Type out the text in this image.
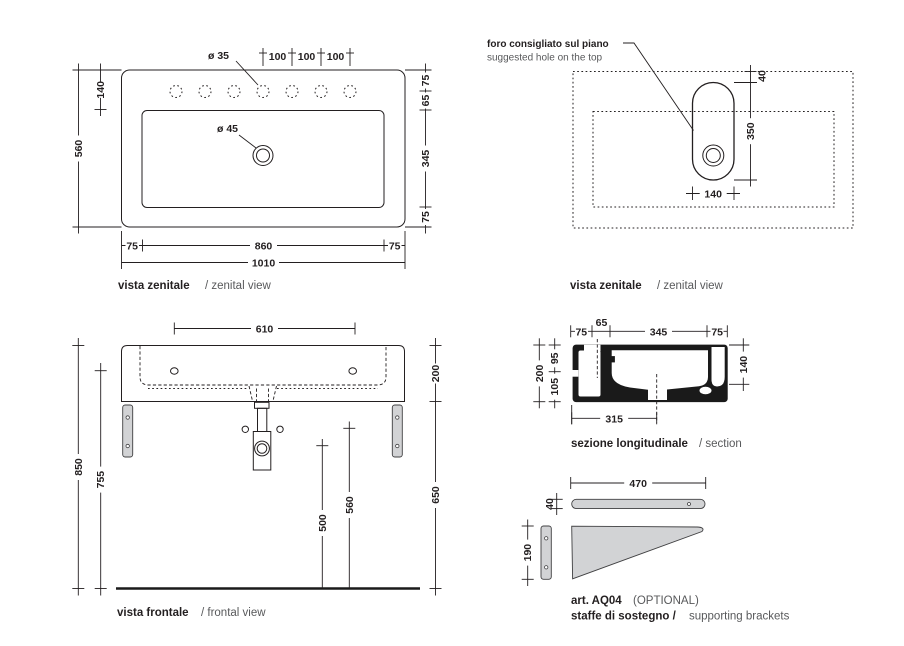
ø 35
ø 45
100 100 100
560
140
75
65
345
75
75	860	75
1010
vista zenitale / zenital view
40
350
140
foro consigliato sul piano
suggested hole on the top
vista zenitale / zenital view
610
850
755
200
650
500
560
vista frontale / frontal view
75
65
345	75
200
95
105
140
315
sezione longitudinale / section
470
40
190
art. AQ04 (OPTIONAL)
staffe di sostegno / supporting brackets
